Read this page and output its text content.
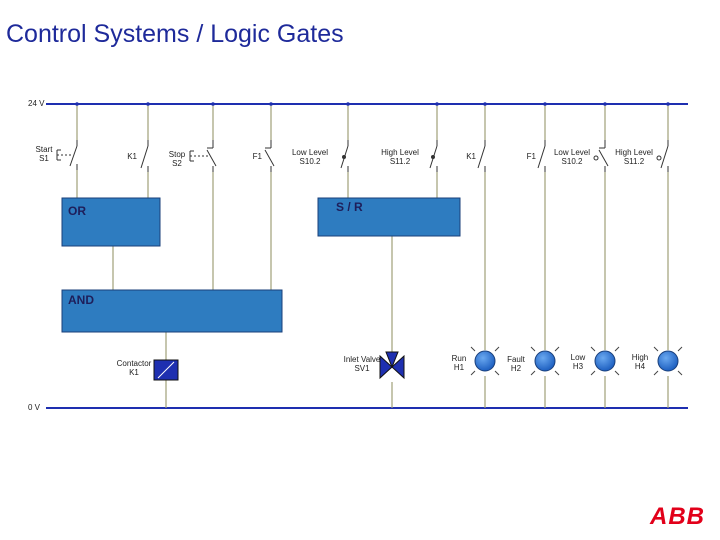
Control Systems / Logic Gates
24 V
0 V
Start S1	K1	Stop S2
F1	Low Level S10.2
High Level S11.2
K1	F1 Low Level S10.2
High Level S11.2
OR	S / R
AND
Contactor K1
Inlet Valve SV1
Run H1
Fault H2
Low H3
High H4
ABB
